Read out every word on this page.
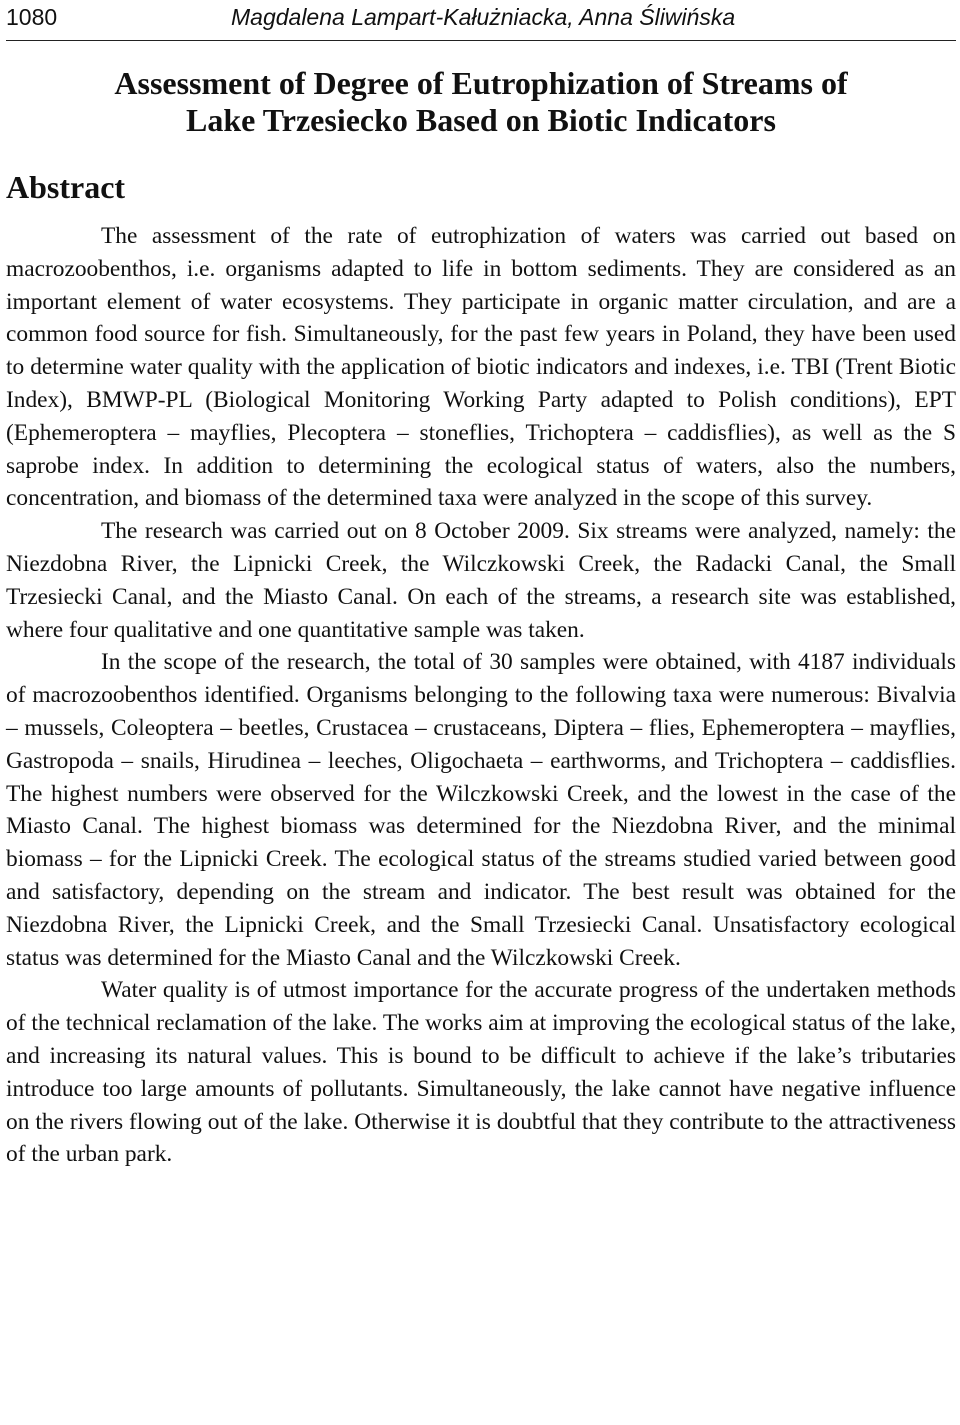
1080	Magdalena Lampart-Kałużniacka, Anna Śliwińska
Assessment of Degree of Eutrophization of Streams of
Lake Trzesiecko Based on Biotic Indicators
Abstract

The assessment of the rate of eutrophization of waters was carried out based on macrozoobenthos, i.e. organisms adapted to life in bottom sediments. They are considered as an important element of water ecosystems. They participate in organic matter circulation, and are a common food source for fish. Simultaneously, for the past few years in Poland, they have been used to determine water quality with the application of biotic indicators and indexes, i.e. TBI (Trent Biotic Index), BMWP-PL (Biological Monitoring Working Party adapted to Polish conditions), EPT (Ephemeroptera – mayflies, Plecoptera – stoneflies, Trichoptera – caddisflies), as well as the S saprobe index. In addition to determining the ecological status of waters, also the numbers, concentration, and biomass of the determined taxa were analyzed in the scope of this survey.

The research was carried out on 8 October 2009. Six streams were analyzed, namely: the Niezdobna River, the Lipnicki Creek, the Wilczkowski Creek, the Radacki Canal, the Small Trzesiecki Canal, and the Miasto Canal. On each of the streams, a research site was established, where four qualitative and one quantitative sample was taken.

In the scope of the research, the total of 30 samples were obtained, with 4187 individuals of macrozoobenthos identified. Organisms belonging to the following taxa were numerous: Bivalvia – mussels, Coleoptera – beetles, Crustacea – crustaceans, Diptera – flies, Ephemeroptera – mayflies, Gastropoda – snails, Hirudinea – leeches, Oligochaeta – earthworms, and Trichoptera – caddisflies. The highest numbers were observed for the Wilczkowski Creek, and the lowest in the case of the Miasto Canal. The highest biomass was determined for the Niezdobna River, and the minimal biomass – for the Lipnicki Creek. The ecological status of the streams studied varied between good and satisfactory, depending on the stream and indicator. The best result was obtained for the Niezdobna River, the Lipnicki Creek, and the Small Trzesiecki Canal. Unsatisfactory ecological status was determined for the Miasto Canal and the Wilczkowski Creek.

Water quality is of utmost importance for the accurate progress of the undertaken methods of the technical reclamation of the lake. The works aim at improving the ecological status of the lake, and increasing its natural values. This is bound to be difficult to achieve if the lake’s tributaries introduce too large amounts of pollutants. Simultaneously, the lake cannot have negative influence on the rivers flowing out of the lake. Otherwise it is doubtful that they contribute to the attractiveness of the urban park.
